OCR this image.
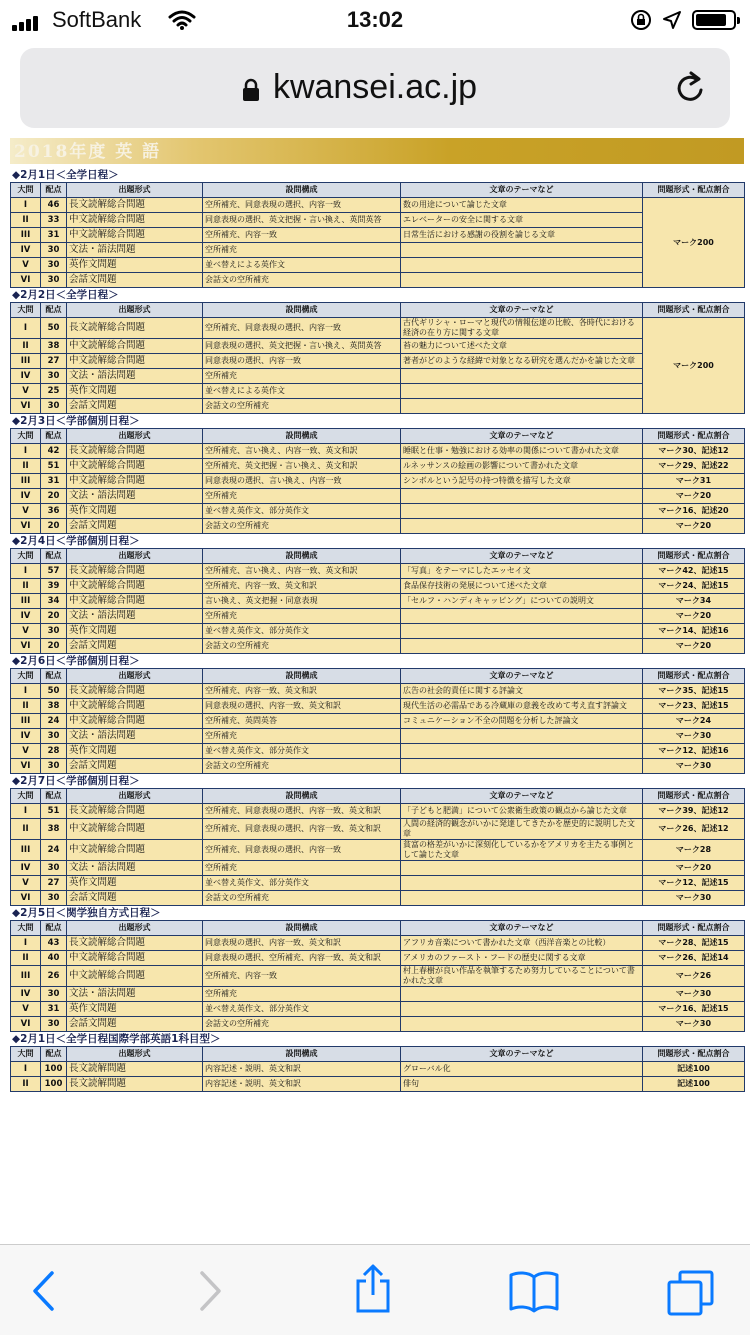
SoftBank	13:02
kwansei.ac.jp
2018年度 英 語
◆2月1日＜全学日程＞
大問	配点	出題形式	設問構成	文章のテーマなど	問題形式・配点割合
I	46	長文読解総合問題	空所補充、同意表現の選択、内容一致	数の用途について論じた文章	マーク200
II	33	中文読解総合問題	同意表現の選択、英文把握・言い換え、英問英答	エレベーターの安全に関する文章	
III	31	中文読解総合問題	空所補充、内容一致	日常生活における感謝の役割を論じる文章	
IV	30	文法・語法問題	空所補充		
V	30	英作文問題	並べ替えによる英作文		
VI	30	会話文問題	会話文の空所補充		
◆2月2日＜全学日程＞
大問	配点	出題形式	設問構成	文章のテーマなど	問題形式・配点割合
I	50	長文読解総合問題	空所補充、同意表現の選択、内容一致	古代ギリシャ・ローマと現代の情報伝達の比較、各時代における経済の在り方に関する文章	マーク200
II	38	中文読解総合問題	同意表現の選択、英文把握・言い換え、英問英答	苔の魅力について述べた文章	
III	27	中文読解総合問題	同意表現の選択、内容一致	著者がどのような経緯で対象となる研究を選んだかを論じた文章	
IV	30	文法・語法問題	空所補充		
V	25	英作文問題	並べ替えによる英作文		
VI	30	会話文問題	会話文の空所補充		
◆2月3日＜学部個別日程＞
大問	配点	出題形式	設問構成	文章のテーマなど	問題形式・配点割合
I	42	長文読解総合問題	空所補充、言い換え、内容一致、英文和訳	睡眠と仕事・勉強における効率の関係について書かれた文章	マーク30、記述12
II	51	中文読解総合問題	空所補充、英文把握・言い換え、英文和訳	ルネッサンスの絵画の影響について書かれた文章	マーク29、記述22
III	31	中文読解総合問題	同意表現の選択、言い換え、内容一致	シンボルという記号の持つ特徴を描写した文章	マーク31
IV	20	文法・語法問題	空所補充		マーク20
V	36	英作文問題	並べ替え英作文、部分英作文		マーク16、記述20
VI	20	会話文問題	会話文の空所補充		マーク20
◆2月4日＜学部個別日程＞
大問	配点	出題形式	設問構成	文章のテーマなど	問題形式・配点割合
I	57	長文読解総合問題	空所補充、言い換え、内容一致、英文和訳	「写真」をテーマにしたエッセイ文	マーク42、記述15
II	39	中文読解総合問題	空所補充、内容一致、英文和訳	食品保存技術の発展について述べた文章	マーク24、記述15
III	34	中文読解総合問題	言い換え、英文把握・同意表現	「セルフ・ハンディキャッピング」についての説明文	マーク34
IV	20	文法・語法問題	空所補充		マーク20
V	30	英作文問題	並べ替え英作文、部分英作文		マーク14、記述16
VI	20	会話文問題	会話文の空所補充		マーク20
◆2月6日＜学部個別日程＞
大問	配点	出題形式	設問構成	文章のテーマなど	問題形式・配点割合
I	50	長文読解総合問題	空所補充、内容一致、英文和訳	広告の社会的責任に関する評論文	マーク35、記述15
II	38	中文読解総合問題	同意表現の選択、内容一致、英文和訳	現代生活の必需品である冷蔵庫の意義を改めて考え直す評論文	マーク23、記述15
III	24	中文読解総合問題	空所補充、英問英答	コミュニケーション不全の問題を分析した評論文	マーク24
IV	30	文法・語法問題	空所補充		マーク30
V	28	英作文問題	並べ替え英作文、部分英作文		マーク12、記述16
VI	30	会話文問題	会話文の空所補充		マーク30
◆2月7日＜学部個別日程＞
大問	配点	出題形式	設問構成	文章のテーマなど	問題形式・配点割合
I	51	長文読解総合問題	空所補充、同意表現の選択、内容一致、英文和訳	「子どもと肥満」について公衆衛生政策の観点から論じた文章	マーク39、記述12
II	38	中文読解総合問題	空所補充、同意表現の選択、内容一致、英文和訳	人間の経済的観念がいかに発達してきたかを歴史的に説明した文章	マーク26、記述12
III	24	中文読解総合問題	空所補充、同意表現の選択、内容一致	貧富の格差がいかに深刻化しているかをアメリカを主たる事例として論じた文章	マーク28
IV	30	文法・語法問題	空所補充		マーク20
V	27	英作文問題	並べ替え英作文、部分英作文		マーク12、記述15
VI	30	会話文問題	会話文の空所補充		マーク30
◆2月5日＜関学独自方式日程＞
大問	配点	出題形式	設問構成	文章のテーマなど	問題形式・配点割合
I	43	長文読解総合問題	同意表現の選択、内容一致、英文和訳	アフリカ音楽について書かれた文章（西洋音楽との比較）	マーク28、記述15
II	40	中文読解総合問題	同意表現の選択、空所補充、内容一致、英文和訳	アメリカのファースト・フードの歴史に関する文章	マーク26、記述14
III	26	中文読解総合問題	空所補充、内容一致	村上春樹が良い作品を執筆するため努力していることについて書かれた文章	マーク26
IV	30	文法・語法問題	空所補充		マーク30
V	31	英作文問題	並べ替え英作文、部分英作文		マーク16、記述15
VI	30	会話文問題	会話文の空所補充		マーク30
◆2月1日＜全学日程国際学部英語1科目型＞
大問	配点	出題形式	設問構成	文章のテーマなど	問題形式・配点割合
I	100	長文読解問題	内容記述・説明、英文和訳	グローバル化	記述100
II	100	長文読解問題	内容記述・説明、英文和訳	俳句	記述100
